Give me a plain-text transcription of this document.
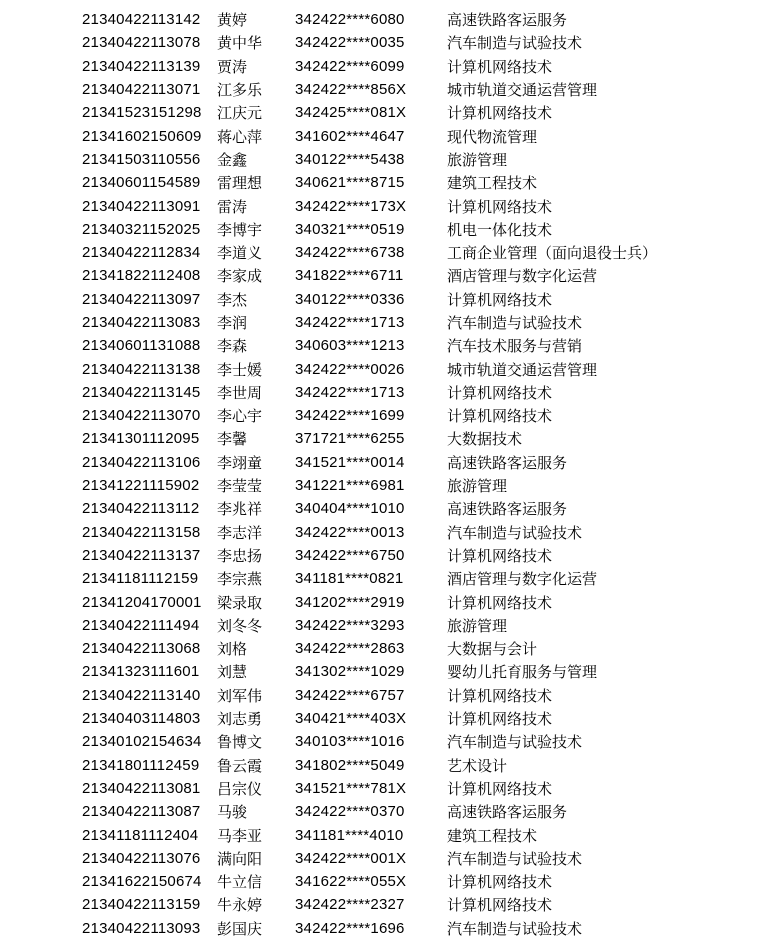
21340422113142	黄婷	342422****6080	高速铁路客运服务
21340422113078	黄中华	342422****0035	汽车制造与试验技术
21340422113139	贾涛	342422****6099	计算机网络技术
21340422113071	江多乐	342422****856X	城市轨道交通运营管理
21341523151298	江庆元	342425****081X	计算机网络技术
21341602150609	蒋心萍	341602****4647	现代物流管理
21341503110556	金鑫	340122****5438	旅游管理
21340601154589	雷理想	340621****8715	建筑工程技术
21340422113091	雷涛	342422****173X	计算机网络技术
21340321152025	李博宇	340321****0519	机电一体化技术
21340422112834	李道义	342422****6738	工商企业管理（面向退役士兵）
21341822112408	李家成	341822****6711	酒店管理与数字化运营
21340422113097	李杰	340122****0336	计算机网络技术
21340422113083	李润	342422****1713	汽车制造与试验技术
21340601131088	李森	340603****1213	汽车技术服务与营销
21340422113138	李士媛	342422****0026	城市轨道交通运营管理
21340422113145	李世周	342422****1713	计算机网络技术
21340422113070	李心宇	342422****1699	计算机网络技术
21341301112095	李馨	371721****6255	大数据技术
21340422113106	李翊童	341521****0014	高速铁路客运服务
21341221115902	李莹莹	341221****6981	旅游管理
21340422113112	李兆祥	340404****1010	高速铁路客运服务
21340422113158	李志洋	342422****0013	汽车制造与试验技术
21340422113137	李忠扬	342422****6750	计算机网络技术
21341181112159	李宗燕	341181****0821	酒店管理与数字化运营
21341204170001	梁录取	341202****2919	计算机网络技术
21340422111494	刘冬冬	342422****3293	旅游管理
21340422113068	刘格	342422****2863	大数据与会计
21341323111601	刘慧	341302****1029	婴幼儿托育服务与管理
21340422113140	刘军伟	342422****6757	计算机网络技术
21340403114803	刘志勇	340421****403X	计算机网络技术
21340102154634	鲁博文	340103****1016	汽车制造与试验技术
21341801112459	鲁云霞	341802****5049	艺术设计
21340422113081	吕宗仪	341521****781X	计算机网络技术
21340422113087	马骏	342422****0370	高速铁路客运服务
21341181112404	马李亚	341181****4010	建筑工程技术
21340422113076	满向阳	342422****001X	汽车制造与试验技术
21341622150674	牛立信	341622****055X	计算机网络技术
21340422113159	牛永婷	342422****2327	计算机网络技术
21340422113093	彭国庆	342422****1696	汽车制造与试验技术
